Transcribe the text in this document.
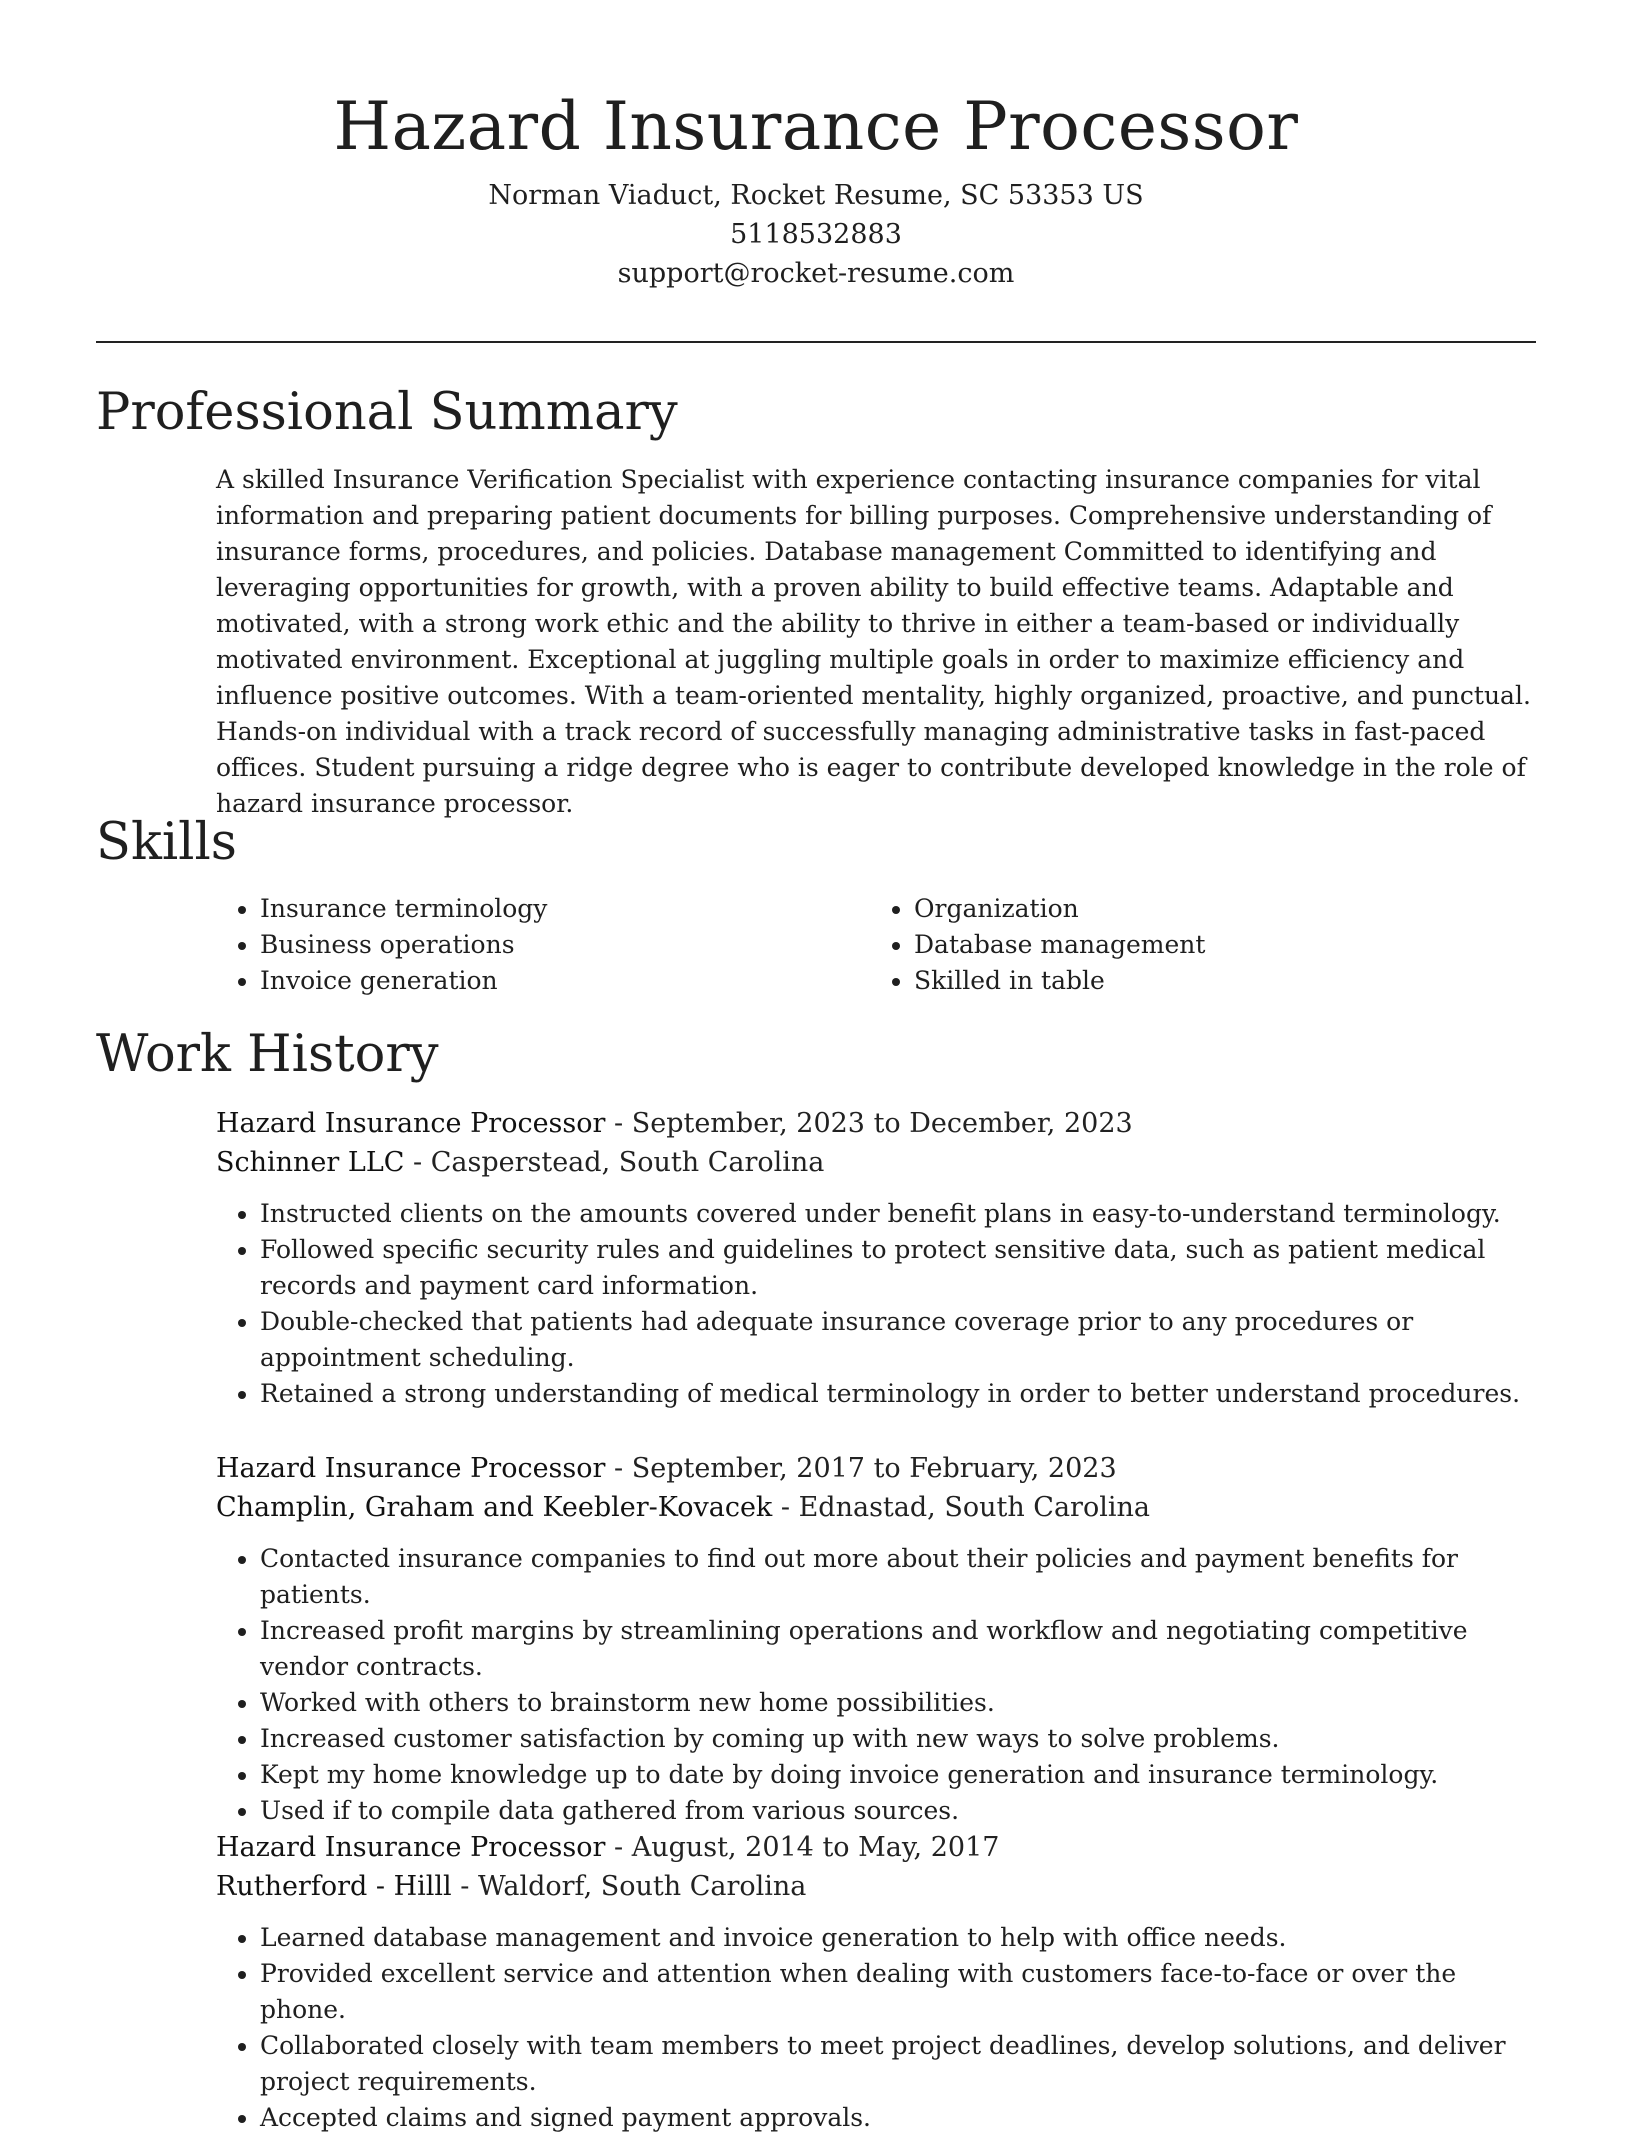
Hazard Insurance Processor
Norman Viaduct, Rocket Resume, SC 53353 US
5118532883
support@rocket-resume.com
Professional Summary

A skilled Insurance Verification Specialist with experience contacting insurance companies for vital information and preparing patient documents for billing purposes. Comprehensive understanding of insurance forms, procedures, and policies. Database management Committed to identifying and leveraging opportunities for growth, with a proven ability to build effective teams. Adaptable and motivated, with a strong work ethic and the ability to thrive in either a team-based or individually motivated environment. Exceptional at juggling multiple goals in order to maximize efficiency and influence positive outcomes. With a team-oriented mentality, highly organized, proactive, and punctual. Hands-on individual with a track record of successfully managing administrative tasks in fast-paced offices. Student pursuing a ridge degree who is eager to contribute developed knowledge in the role of hazard insurance processor.

Skills
• Insurance terminology
• Business operations
• Invoice generation
• Organization
• Database management
• Skilled in table
Work History
Hazard Insurance Processor - September, 2023 to December, 2023
Schinner LLC - Casperstead, South Carolina
• Instructed clients on the amounts covered under benefit plans in easy-to-understand terminology.
• Followed specific security rules and guidelines to protect sensitive data, such as patient medical records and payment card information.
• Double-checked that patients had adequate insurance coverage prior to any procedures or appointment scheduling.
• Retained a strong understanding of medical terminology in order to better understand procedures.
Hazard Insurance Processor - September, 2017 to February, 2023
Champlin, Graham and Keebler-Kovacek - Ednastad, South Carolina
• Contacted insurance companies to find out more about their policies and payment benefits for patients.
• Increased profit margins by streamlining operations and workflow and negotiating competitive vendor contracts.
• Worked with others to brainstorm new home possibilities.
• Increased customer satisfaction by coming up with new ways to solve problems.
• Kept my home knowledge up to date by doing invoice generation and insurance terminology.
• Used if to compile data gathered from various sources.
Hazard Insurance Processor - August, 2014 to May, 2017
Rutherford - Hilll - Waldorf, South Carolina
• Learned database management and invoice generation to help with office needs.
• Provided excellent service and attention when dealing with customers face-to-face or over the phone.
• Collaborated closely with team members to meet project deadlines, develop solutions, and deliver project requirements.
• Accepted claims and signed payment approvals.
